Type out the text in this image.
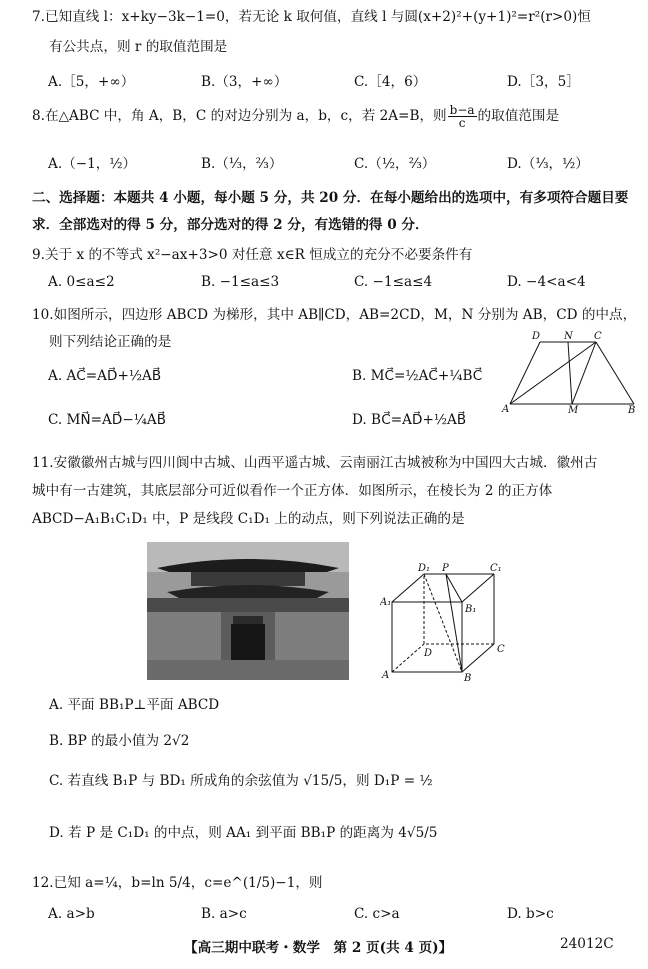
7.已知直线 l：x+ky−3k−1=0，若无论 k 取何值，直线 l 与圆(x+2)²+(y+1)²=r²(r>0)恒
有公共点，则 r 的取值范围是
A.［5，+∞）	B.（3，+∞）	C.［4，6）	D.［3，5］
8.在△ABC 中，角 A，B，C 的对边分别为 a，b，c，若 2A=B，则 $\frac{b-a}{c}$ 的取值范围是
A.（−1，½）	B.（⅓，⅔）	C.（½，⅔）	D.（⅓，½）
二、选择题：本题共 4 小题，每小题 5 分，共 20 分．在每小题给出的选项中，有多项符合题目要
求．全部选对的得 5 分，部分选对的得 2 分，有选错的得 0 分．
9.关于 x 的不等式 x²−ax+3>0 对任意 x∈R 恒成立的充分不必要条件有
A. 0≤a≤2	B. −1≤a≤3	C. −1≤a≤4	D. −4<a<4
10.如图所示，四边形 ABCD 为梯形，其中 AB∥CD，AB=2CD，M，N 分别为 AB，CD 的中点，
则下列结论正确的是
A. AC⃗=AD⃗+½AB⃗	B. MC⃗=½AC⃗+¼BC⃗
C. MN⃗=AD⃗−¼AB⃗	D. BC⃗=AD⃗+½AB⃗
D N C
A	M	B
11.安徽徽州古城与四川阆中古城、山西平遥古城、云南丽江古城被称为中国四大古城．徽州古
城中有一古建筑，其底层部分可近似看作一个正方体．如图所示，在棱长为 2 的正方体
ABCD−A₁B₁C₁D₁ 中，P 是线段 C₁D₁ 上的动点，则下列说法正确的是
D₁ P	C₁
A₁
B₁
D	C
A	B
A. 平面 BB₁P⊥平面 ABCD
B. BP 的最小值为 2√2
C. 若直线 B₁P 与 BD₁ 所成角的余弦值为 √15/5，则 D₁P = ½
D. 若 P 是 C₁D₁ 的中点，则 AA₁ 到平面 BB₁P 的距离为 4√5/5
12.已知 a=¼，b=ln 5/4，c=e^(1/5)−1，则
A. a>b	B. a>c	C. c>a	D. b>c
【高三期中联考・数学　第 2 页(共 4 页)】	24012C
